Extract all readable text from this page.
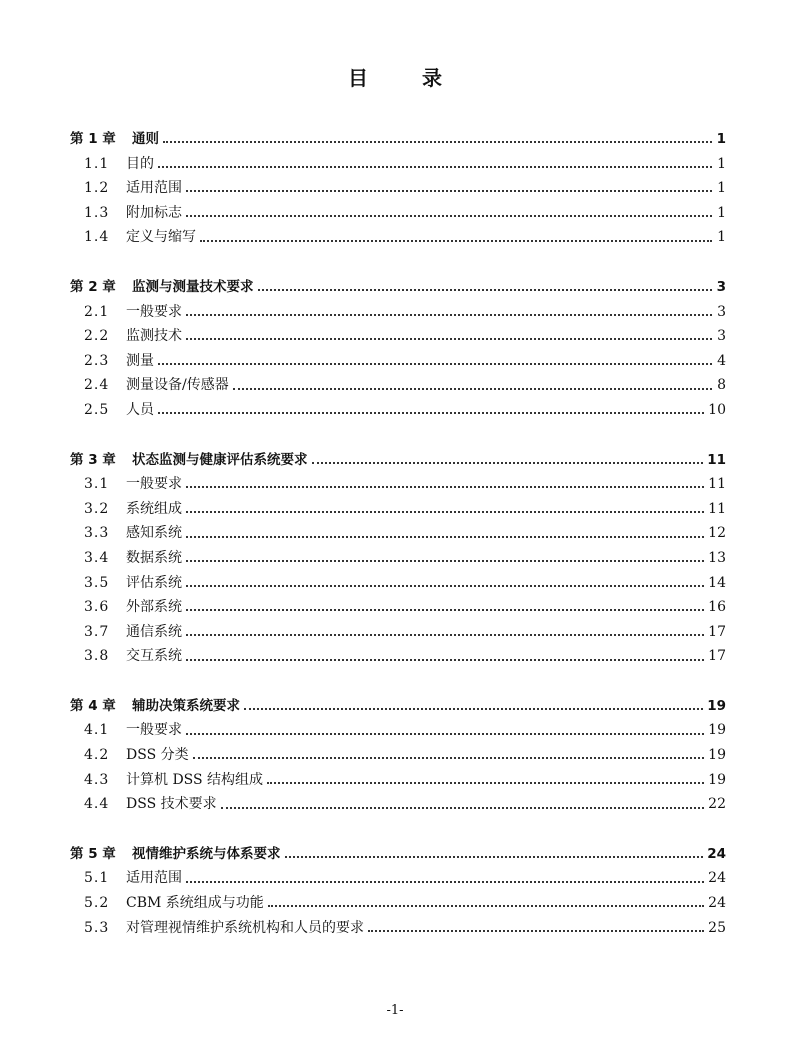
目	录
第 1 章	通则	1
1.1	目的	1
1.2	适用范围	1
1.3	附加标志	1
1.4	定义与缩写	1
第 2 章	监测与测量技术要求	3
2.1	一般要求	3
2.2	监测技术	3
2.3	测量	4
2.4	测量设备/传感器	8
2.5	人员	10
第 3 章	状态监测与健康评估系统要求	11
3.1	一般要求	11
3.2	系统组成	11
3.3	感知系统	12
3.4	数据系统	13
3.5	评估系统	14
3.6	外部系统	16
3.7	通信系统	17
3.8	交互系统	17
第 4 章	辅助决策系统要求	19
4.1	一般要求	19
4.2	DSS 分类	19
4.3	计算机 DSS 结构组成	19
4.4	DSS 技术要求	22
第 5 章	视情维护系统与体系要求	24
5.1	适用范围	24
5.2	CBM 系统组成与功能	24
5.3	对管理视情维护系统机构和人员的要求	25
-1-
